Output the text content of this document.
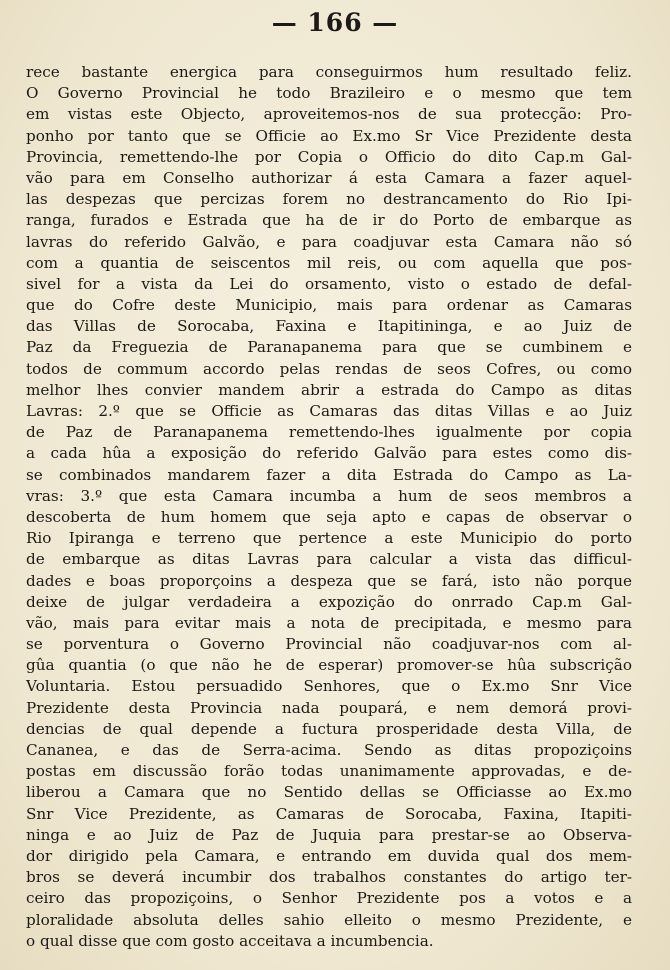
— 166 —
rece bastante energica para conseguirmos hum resultado feliz.
O Governo Provincial he todo Brazileiro e o mesmo que tem
em vistas este Objecto, aproveitemos-nos de sua protecção: Pro-
ponho por tanto que se Officie ao Ex.mo Sr Vice Prezidente desta
Provincia, remettendo-lhe por Copia o Officio do dito Cap.m Gal-
vão para em Conselho authorizar á esta Camara a fazer aquel-
las despezas que percizas forem no destrancamento do Rio Ipi-
ranga, furados e Estrada que ha de ir do Porto de embarque as
lavras do referido Galvão, e para coadjuvar esta Camara não só
com a quantia de seiscentos mil reis, ou com aquella que pos-
sivel for a vista da Lei do orsamento, visto o estado de defal-
que do Cofre deste Municipio, mais para ordenar as Camaras
das Villas de Sorocaba, Faxina e Itapitininga, e ao Juiz de
Paz da Freguezia de Paranapanema para que se cumbinem e
todos de commum accordo pelas rendas de seos Cofres, ou como
melhor lhes convier mandem abrir a estrada do Campo as ditas
Lavras: 2.º que se Officie as Camaras das ditas Villas e ao Juiz
de Paz de Paranapanema remettendo-lhes igualmente por copia
a cada hûa a exposição do referido Galvão para estes como dis-
se combinados mandarem fazer a dita Estrada do Campo as La-
vras: 3.º que esta Camara incumba a hum de seos membros a
descoberta de hum homem que seja apto e capas de observar o
Rio Ipiranga e terreno que pertence a este Municipio do porto
de embarque as ditas Lavras para calcular a vista das difficul-
dades e boas proporçoins a despeza que se fará, isto não porque
deixe de julgar verdadeira a expozição do onrrado Cap.m Gal-
vão, mais para evitar mais a nota de precipitada, e mesmo para
se porventura o Governo Provincial não coadjuvar-nos com al-
gûa quantia (o que não he de esperar) promover-se hûa subscrição
Voluntaria. Estou persuadido Senhores, que o Ex.mo Snr Vice
Prezidente desta Provincia nada poupará, e nem demorá provi-
dencias de qual depende a fuctura prosperidade desta Villa, de
Cananea, e das de Serra-acima. Sendo as ditas propoziçoins
postas em discussão forão todas unanimamente approvadas, e de-
liberou a Camara que no Sentido dellas se Officiasse ao Ex.mo
Snr Vice Prezidente, as Camaras de Sorocaba, Faxina, Itapiti-
ninga e ao Juiz de Paz de Juquia para prestar-se ao Observa-
dor dirigido pela Camara, e entrando em duvida qual dos mem-
bros se deverá incumbir dos trabalhos constantes do artigo ter-
ceiro das propoziçoins, o Senhor Prezidente pos a votos e a
ploralidade absoluta delles sahio elleito o mesmo Prezidente, e
o qual disse que com gosto acceitava a incumbencia.
